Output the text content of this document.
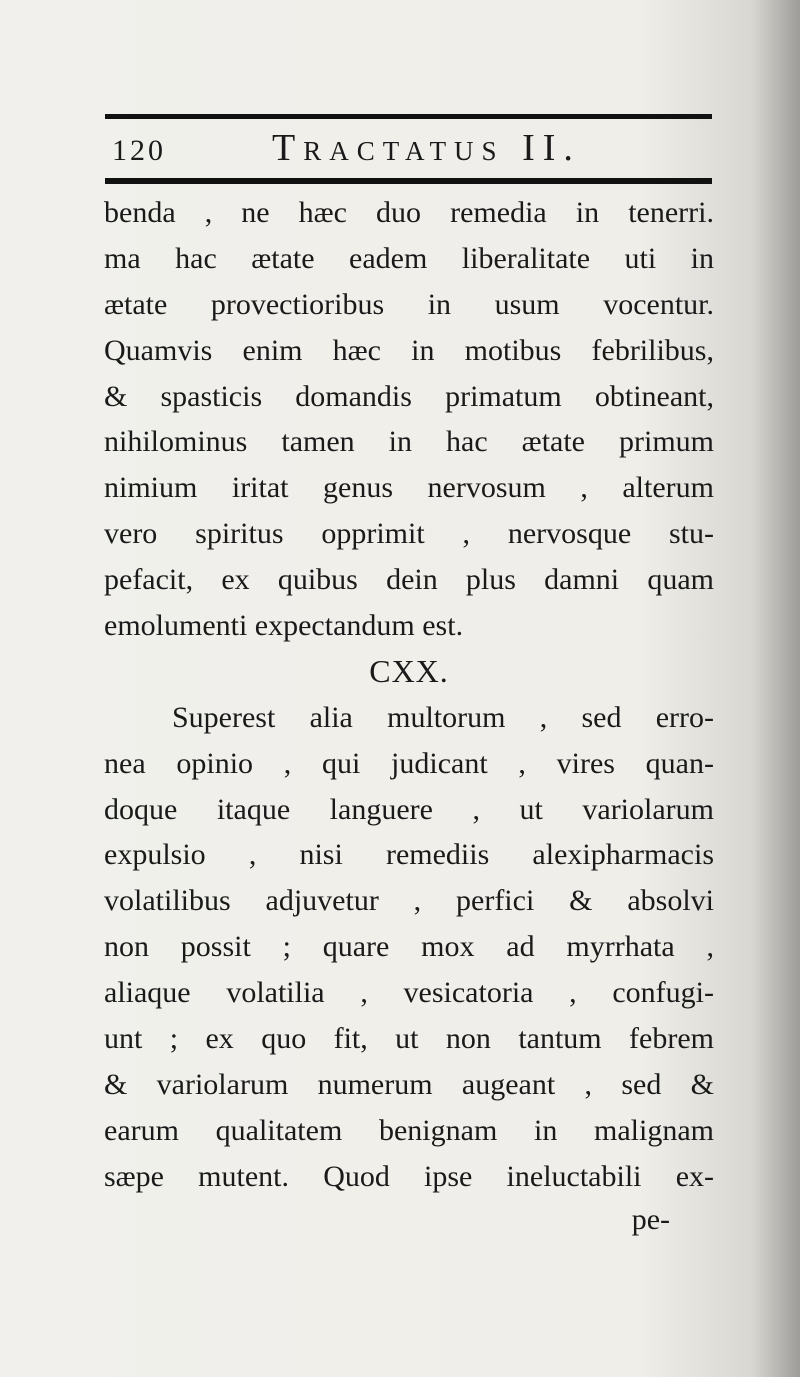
120	Tractatus II.
benda , ne hæc duo remedia in tenerri.
ma hac ætate eadem liberalitate uti in
ætate provectioribus in usum vocentur.
Quamvis enim hæc in motibus febrilibus,
& spasticis domandis primatum obtineant,
nihilominus tamen in hac ætate primum
nimium iritat genus nervosum , alterum
vero spiritus opprimit , nervosque stu-
pefacit, ex quibus dein plus damni quam
emolumenti expectandum est.
CXX.
Superest alia multorum , sed erro-
nea opinio , qui judicant , vires quan-
doque itaque languere , ut variolarum
expulsio , nisi remediis alexipharmacis
volatilibus adjuvetur , perfici & absolvi
non possit ; quare mox ad myrrhata ,
aliaque volatilia , vesicatoria , confugi-
unt ; ex quo fit, ut non tantum febrem
& variolarum numerum augeant , sed &
earum qualitatem benignam in malignam
sæpe mutent. Quod ipse ineluctabili ex-
pe-
